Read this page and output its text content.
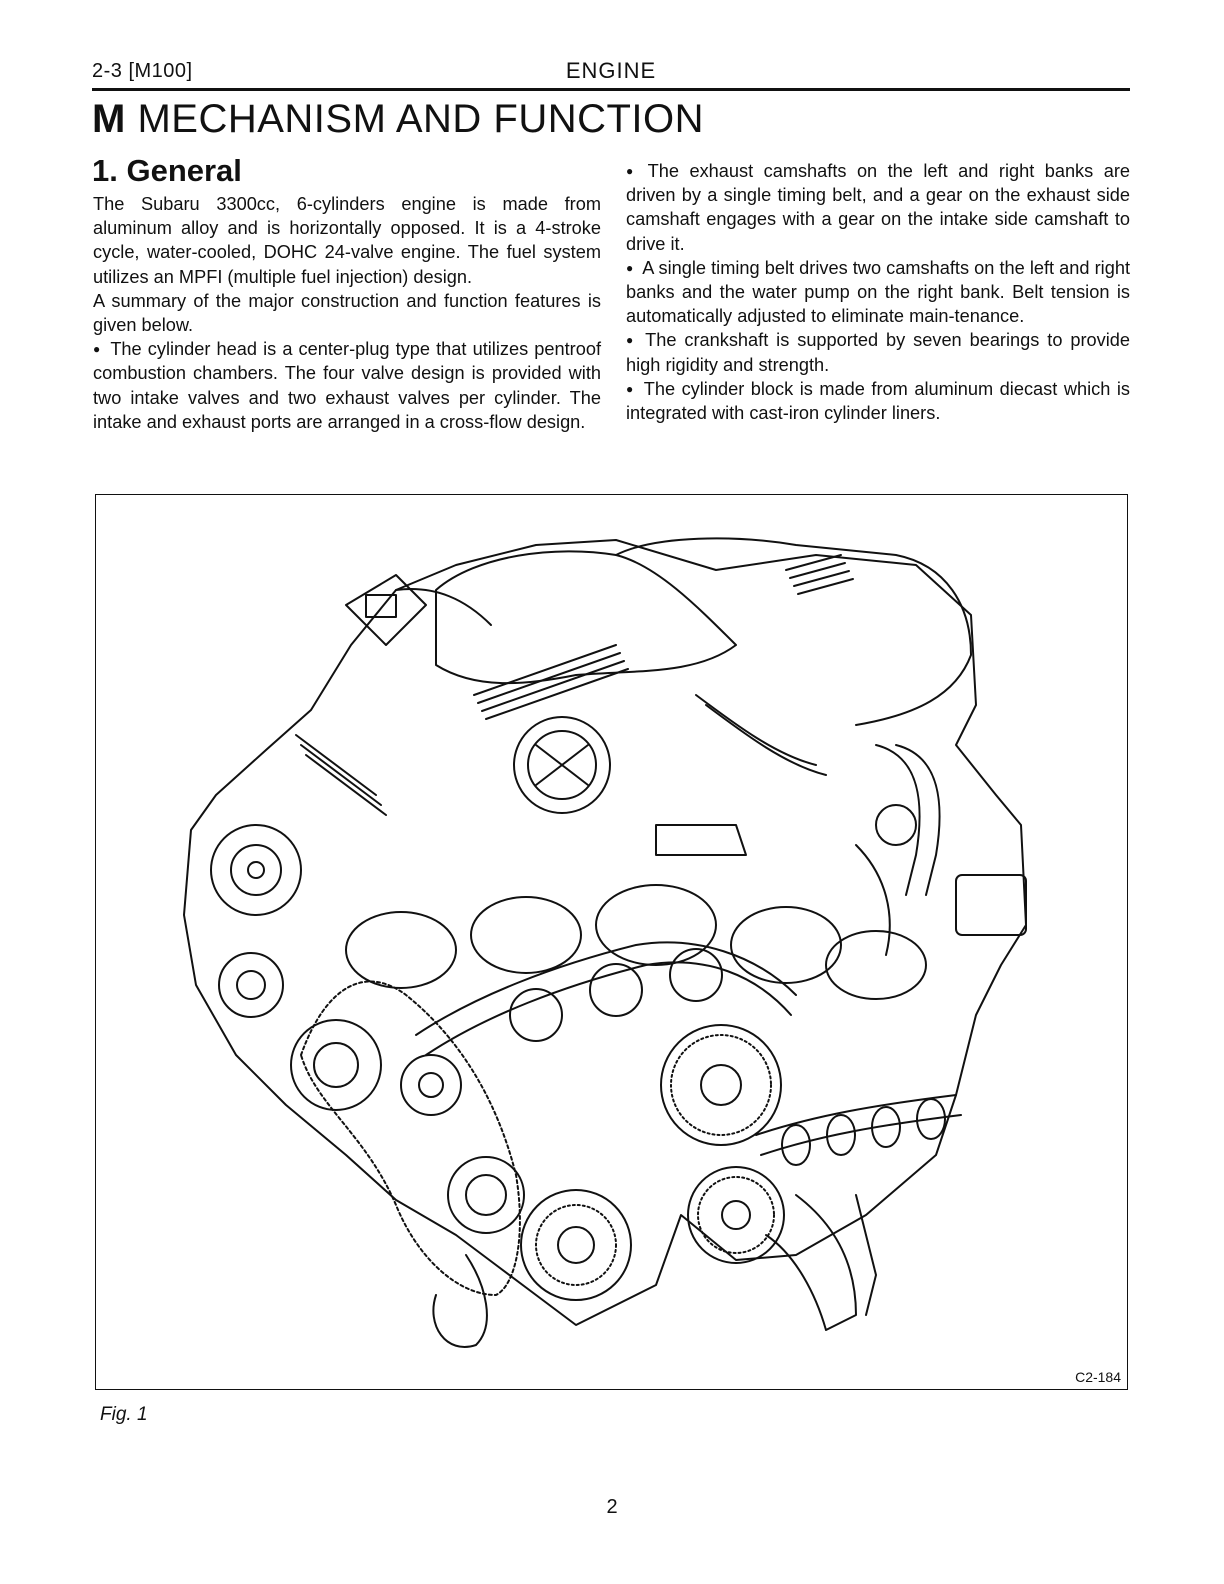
2-3 [M100]	ENGINE
M MECHANISM AND FUNCTION
1. General

The Subaru 3300cc, 6-cylinders engine is made from aluminum alloy and is horizontally opposed. It is a 4-stroke cycle, water-cooled, DOHC 24-valve engine. The fuel system utilizes an MPFI (multiple fuel injection) design.

A summary of the major construction and function features is given below.

● The cylinder head is a center-plug type that utilizes pentroof combustion chambers. The four valve design is provided with two intake valves and two exhaust valves per cylinder. The intake and exhaust ports are arranged in a cross-flow design.

● The exhaust camshafts on the left and right banks are driven by a single timing belt, and a gear on the exhaust side camshaft engages with a gear on the intake side camshaft to drive it.

● A single timing belt drives two camshafts on the left and right banks and the water pump on the right bank. Belt tension is automatically adjusted to eliminate main-tenance.

● The crankshaft is supported by seven bearings to provide high rigidity and strength.

● The cylinder block is made from aluminum diecast which is integrated with cast-iron cylinder liners.

C2-184
Fig. 1
2
